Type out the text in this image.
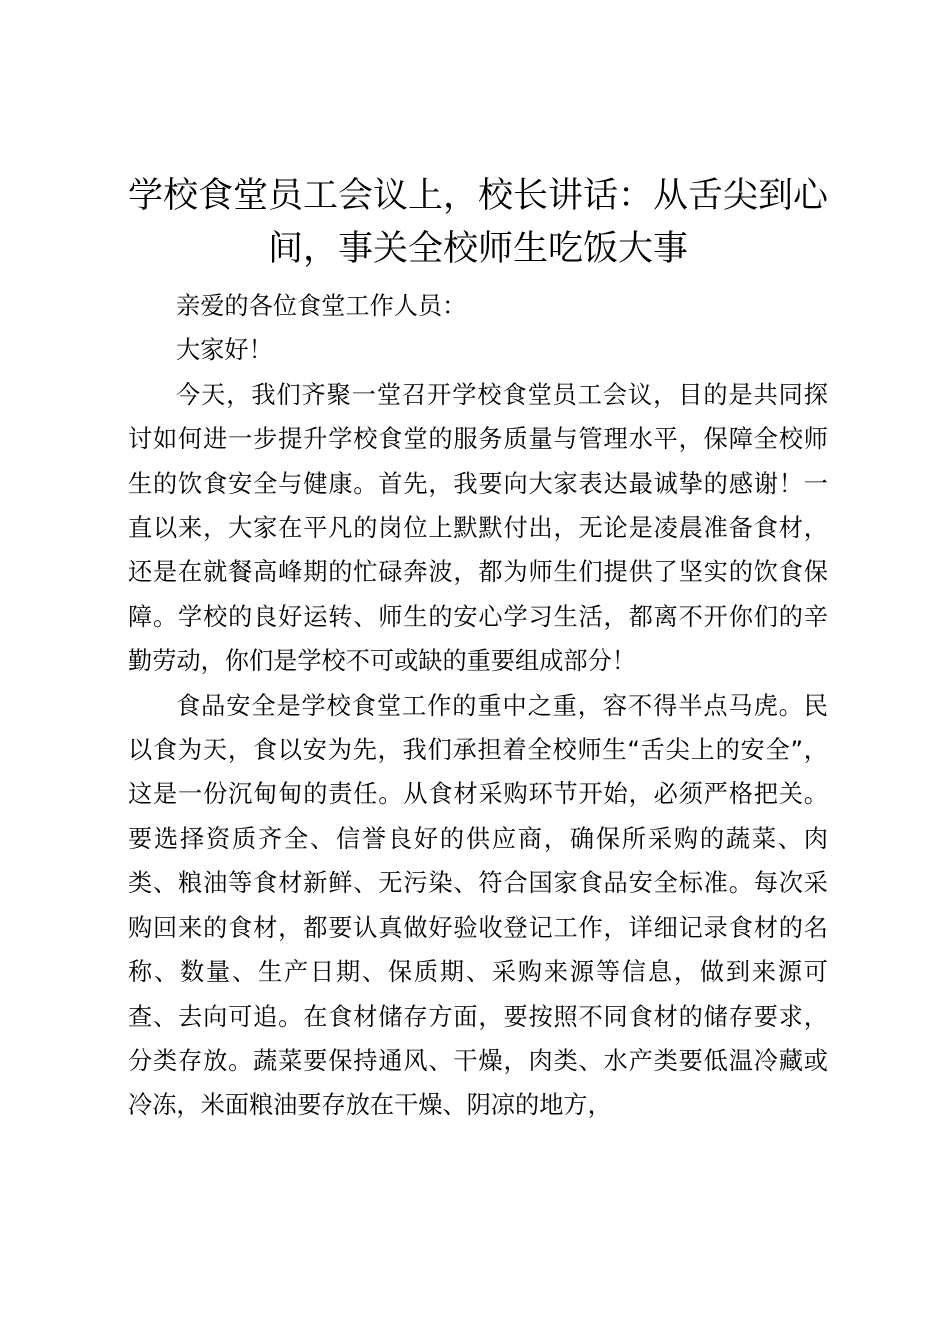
学校食堂员工会议上，校长讲话：从舌尖到心
间，事关全校师生吃饭大事

亲爱的各位食堂工作人员：

大家好！

今天，我们齐聚一堂召开学校食堂员工会议，目的是共同探讨如何进一步提升学校食堂的服务质量与管理水平，保障全校师生的饮食安全与健康。首先，我要向大家表达最诚挚的感谢！一直以来，大家在平凡的岗位上默默付出，无论是凌晨准备食材，还是在就餐高峰期的忙碌奔波，都为师生们提供了坚实的饮食保障。学校的良好运转、师生的安心学习生活，都离不开你们的辛勤劳动，你们是学校不可或缺的重要组成部分！

食品安全是学校食堂工作的重中之重，容不得半点马虎。民以食为天，食以安为先，我们承担着全校师生“舌尖上的安全”，这是一份沉甸甸的责任。从食材采购环节开始，必须严格把关。要选择资质齐全、信誉良好的供应商，确保所采购的蔬菜、肉类、粮油等食材新鲜、无污染、符合国家食品安全标准。每次采购回来的食材，都要认真做好验收登记工作，详细记录食材的名称、数量、生产日期、保质期、采购来源等信息，做到来源可查、去向可追。在食材储存方面，要按照不同食材的储存要求，分类存放。蔬菜要保持通风、干燥，肉类、水产类要低温冷藏或冷冻，米面粮油要存放在干燥、阴凉的地方，
